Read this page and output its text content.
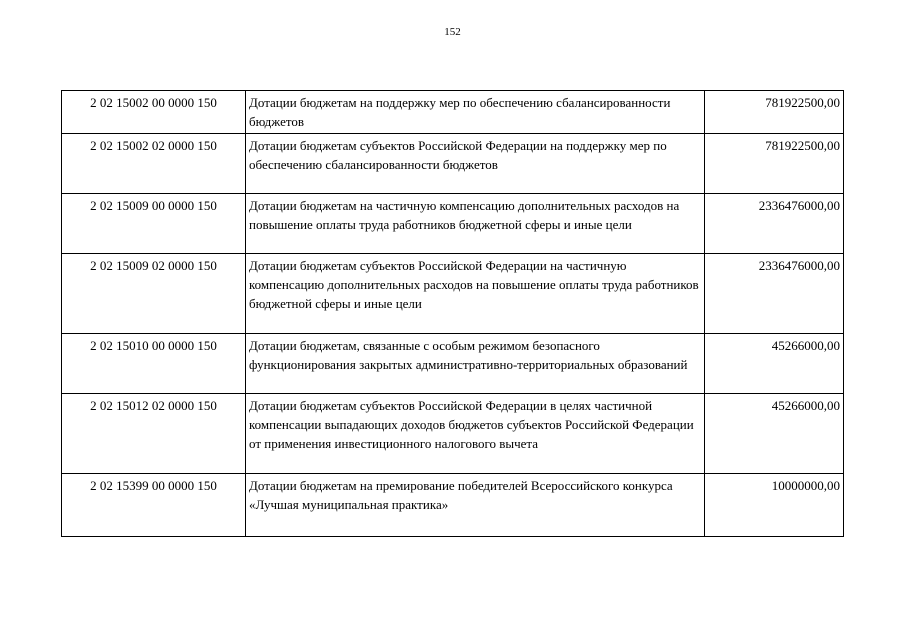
152
2 02 15002 00 0000 150	Дотации бюджетам на поддержку мер по обеспечению сбалансированности бюджетов	781922500,00
2 02 15002 02 0000 150	Дотации бюджетам субъектов Российской Федерации на поддержку мер по обеспечению сбалансированности бюджетов	781922500,00
2 02 15009 00 0000 150	Дотации бюджетам на частичную компенсацию дополнительных расходов на повышение оплаты труда работников бюджетной сферы и иные цели	2336476000,00
2 02 15009 02 0000 150	Дотации бюджетам субъектов Российской Федерации на частичную компенсацию дополнительных расходов на повышение оплаты труда работников бюджетной сферы и иные цели	2336476000,00
2 02 15010 00 0000 150	Дотации бюджетам, связанные с особым режимом безопасного функционирования закрытых административно-территориальных образований	45266000,00
2 02 15012 02 0000 150	Дотации бюджетам субъектов Российской Федерации в целях частичной компенсации выпадающих доходов бюджетов субъектов Российской Федерации от применения инвестиционного налогового вычета	45266000,00
2 02 15399 00 0000 150	Дотации бюджетам на премирование победителей Всероссийского конкурса «Лучшая муниципальная практика»	10000000,00
